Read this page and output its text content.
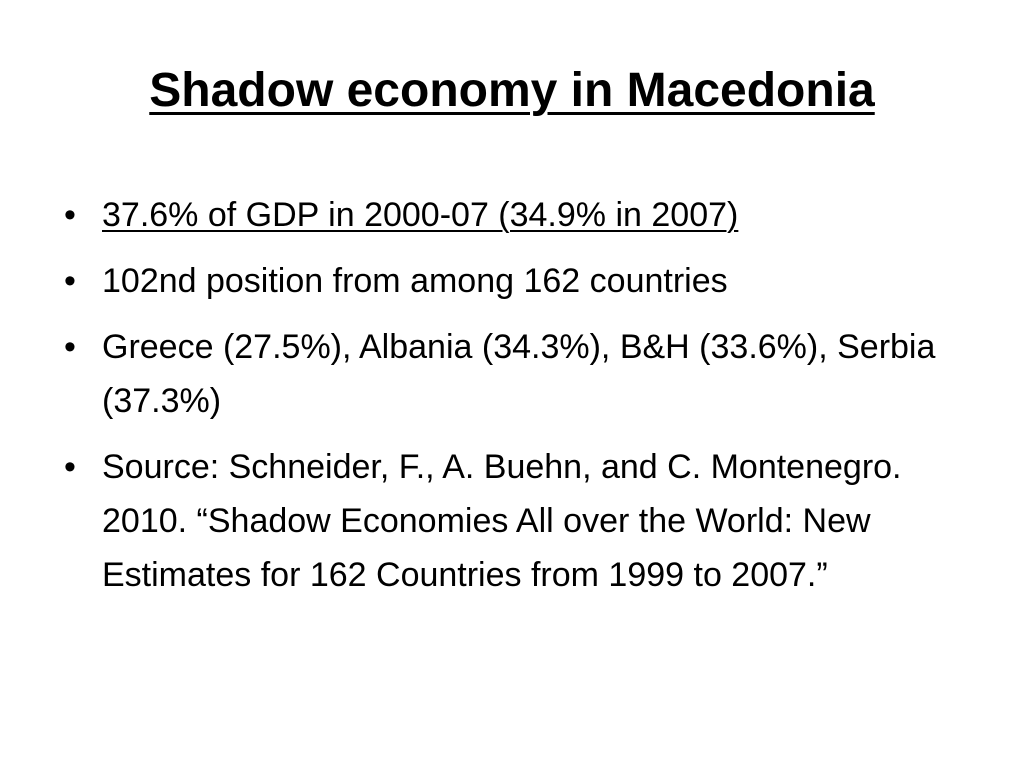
Shadow economy in Macedonia
• 37.6% of GDP in 2000-07 (34.9% in 2007)
• 102nd position from among 162 countries
• Greece (27.5%), Albania (34.3%), B&H (33.6%), Serbia (37.3%)
• Source: Schneider, F., A. Buehn, and C. Montenegro. 2010. “Shadow Economies All over the World: New Estimates for 162 Countries from 1999 to 2007.”
